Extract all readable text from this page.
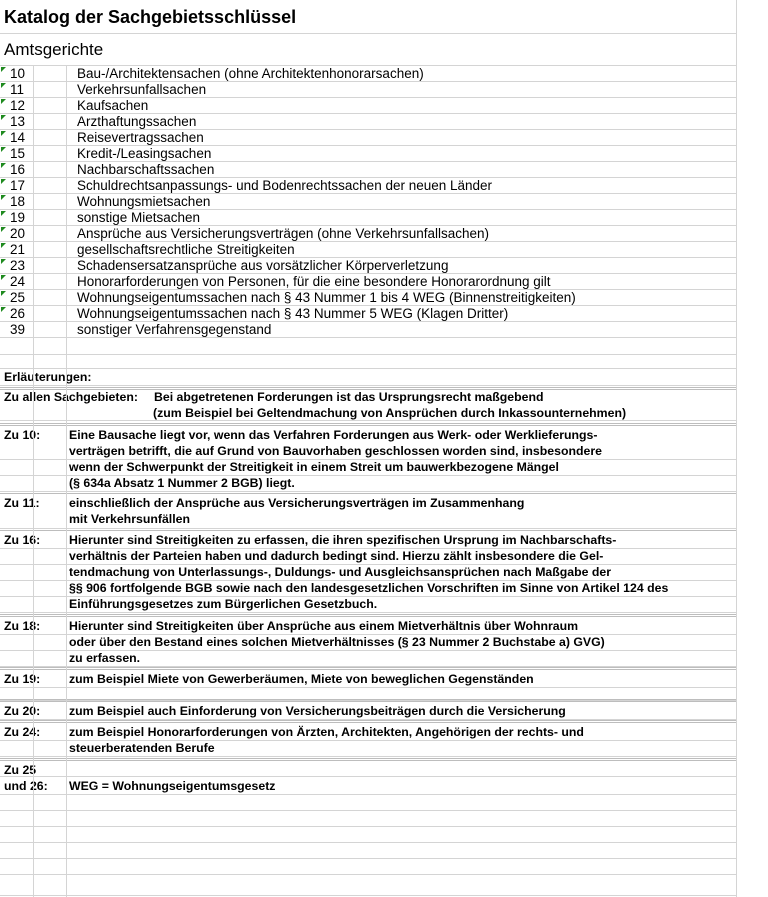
Katalog der Sachgebietsschlüssel
Amtsgerichte
10	Bau-/Architektensachen (ohne Architektenhonorarsachen)
11	Verkehrsunfallsachen
12	Kaufsachen
13	Arzthaftungssachen
14	Reisevertragssachen
15	Kredit-/Leasingsachen
16	Nachbarschaftssachen
17	Schuldrechtsanpassungs- und Bodenrechtssachen der neuen Länder
18	Wohnungsmietsachen
19	sonstige Mietsachen
20	Ansprüche aus Versicherungsverträgen (ohne Verkehrsunfallsachen)
21	gesellschaftsrechtliche Streitigkeiten
23	Schadensersatzansprüche aus vorsätzlicher Körperverletzung
24	Honorarforderungen von Personen, für die eine besondere Honorarordnung gilt
25	Wohnungseigentumssachen nach § 43 Nummer 1 bis 4 WEG (Binnenstreitigkeiten)
26	Wohnungseigentumssachen nach § 43 Nummer 5 WEG (Klagen Dritter)
39	sonstiger Verfahrensgegenstand
Erläuterungen:
Zu allen Sachgebieten: Bei abgetretenen Forderungen ist das Ursprungsrecht maßgebend
(zum Beispiel bei Geltendmachung von Ansprüchen durch Inkassounternehmen)
Zu 10: Eine Bausache liegt vor, wenn das Verfahren Forderungen aus Werk- oder Werklieferungs-
verträgen betrifft, die auf Grund von Bauvorhaben geschlossen worden sind, insbesondere
wenn der Schwerpunkt der Streitigkeit in einem Streit um bauwerkbezogene Mängel
(§ 634a Absatz 1 Nummer 2 BGB) liegt.
Zu 11: einschließlich der Ansprüche aus Versicherungsverträgen im Zusammenhang
mit Verkehrsunfällen
Zu 16: Hierunter sind Streitigkeiten zu erfassen, die ihren spezifischen Ursprung im Nachbarschafts-
verhältnis der Parteien haben und dadurch bedingt sind. Hierzu zählt insbesondere die Gel-
tendmachung von Unterlassungs-, Duldungs- und Ausgleichsansprüchen nach Maßgabe der
§§ 906 fortfolgende BGB sowie nach den landesgesetzlichen Vorschriften im Sinne von Artikel 124 des
Einführungsgesetzes zum Bürgerlichen Gesetzbuch.
Zu 18: Hierunter sind Streitigkeiten über Ansprüche aus einem Mietverhältnis über Wohnraum
oder über den Bestand eines solchen Mietverhältnisses (§ 23 Nummer 2 Buchstabe a) GVG)
zu erfassen.
Zu 19: zum Beispiel Miete von Gewerberäumen, Miete von beweglichen Gegenständen
Zu 20: zum Beispiel auch Einforderung von Versicherungsbeiträgen durch die Versicherung
Zu 24: zum Beispiel Honorarforderungen von Ärzten, Architekten, Angehörigen der rechts- und
steuerberatenden Berufe
Zu 25
und 26: WEG = Wohnungseigentumsgesetz
